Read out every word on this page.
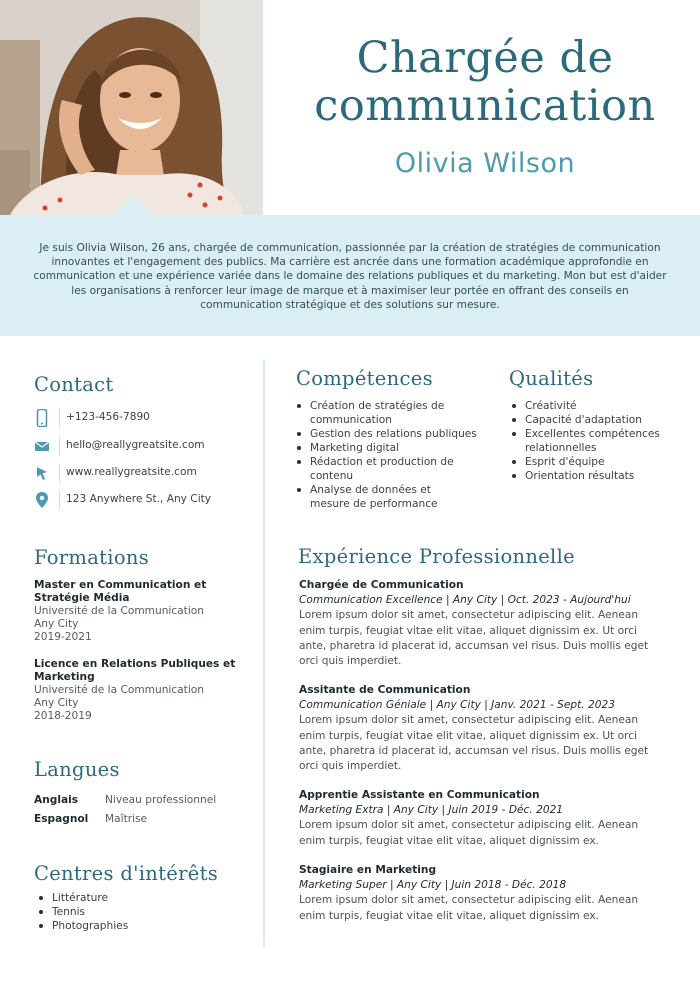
Chargée de
communication
Olivia Wilson
Je suis Olivia Wilson, 26 ans, chargée de communication, passionnée par la création de stratégies de communication innovantes et l'engagement des publics. Ma carrière est ancrée dans une formation académique approfondie en communication et une expérience variée dans le domaine des relations publiques et du marketing. Mon but est d'aider les organisations à renforcer leur image de marque et à maximiser leur portée en offrant des conseils en communication stratégique et des solutions sur mesure.
Contact
+123-456-7890
hello@reallygreatsite.com
www.reallygreatsite.com
123 Anywhere St., Any City
Formations
Master en Communication et
Stratégie Média
Université de la Communication
Any City
2019-2021
Licence en Relations Publiques et
Marketing
Université de la Communication
Any City
2018-2019
Langues
Anglais	Niveau professionnel
Espagnol Maîtrise
Centres d'intérêts
Littérature
Tennis
Photographies
Compétences
Création de stratégies de
communication
Gestion des relations publiques
Marketing digital
Rédaction et production de
contenu
Analyse de données et
mesure de performance
Qualités
Créativité
Capacité d'adaptation
Excellentes compétences
relationnelles
Esprit d'équipe
Orientation résultats
Expérience Professionnelle
Chargée de Communication
Communication Excellence | Any City | Oct. 2023 - Aujourd'hui
Lorem ipsum dolor sit amet, consectetur adipiscing elit. Aenean
enim turpis, feugiat vitae elit vitae, aliquet dignissim ex. Ut orci
ante, pharetra id placerat id, accumsan vel risus. Duis mollis eget
orci quis imperdiet.
Assitante de Communication
Communication Géniale | Any City | Janv. 2021 - Sept. 2023
Lorem ipsum dolor sit amet, consectetur adipiscing elit. Aenean
enim turpis, feugiat vitae elit vitae, aliquet dignissim ex. Ut orci
ante, pharetra id placerat id, accumsan vel risus. Duis mollis eget
orci quis imperdiet.
Apprentie Assistante en Communication
Marketing Extra | Any City | Juin 2019 - Déc. 2021
Lorem ipsum dolor sit amet, consectetur adipiscing elit. Aenean
enim turpis, feugiat vitae elit vitae, aliquet dignissim ex.
Stagiaire en Marketing
Marketing Super | Any City | Juin 2018 - Déc. 2018
Lorem ipsum dolor sit amet, consectetur adipiscing elit. Aenean
enim turpis, feugiat vitae elit vitae, aliquet dignissim ex.
